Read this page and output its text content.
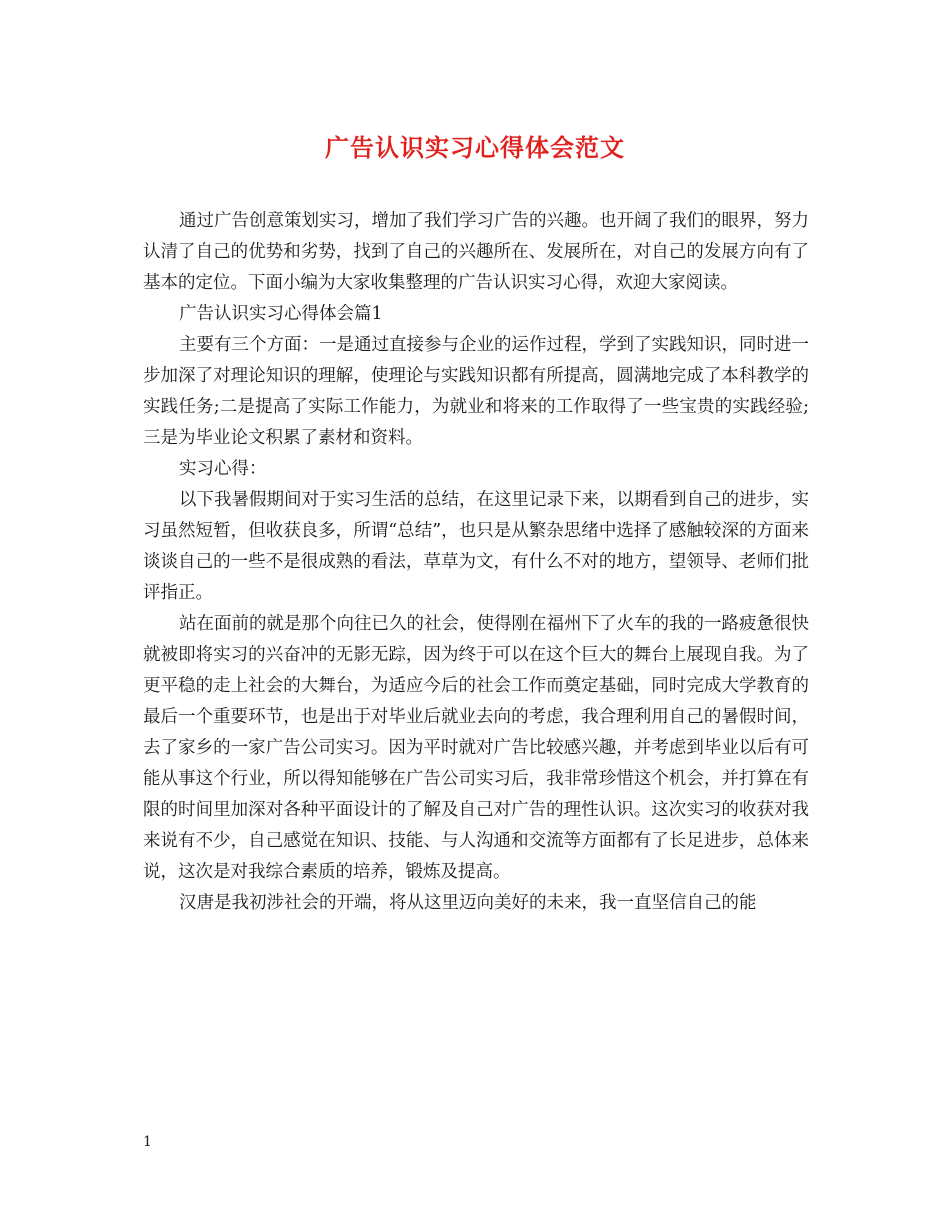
广告认识实习心得体会范文

通过广告创意策划实习，增加了我们学习广告的兴趣。也开阔了我们的眼界，努力认清了自己的优势和劣势，找到了自己的兴趣所在、发展所在，对自己的发展方向有了基本的定位。下面小编为大家收集整理的广告认识实习心得，欢迎大家阅读。

广告认识实习心得体会篇1

主要有三个方面：一是通过直接参与企业的运作过程，学到了实践知识，同时进一步加深了对理论知识的理解，使理论与实践知识都有所提高，圆满地完成了本科教学的实践任务;二是提高了实际工作能力，为就业和将来的工作取得了一些宝贵的实践经验;三是为毕业论文积累了素材和资料。

实习心得：

以下我暑假期间对于实习生活的总结，在这里记录下来，以期看到自己的进步，实习虽然短暂，但收获良多，所谓“总结”，也只是从繁杂思绪中选择了感触较深的方面来谈谈自己的一些不是很成熟的看法，草草为文，有什么不对的地方，望领导、老师们批评指正。

站在面前的就是那个向往已久的社会，使得刚在福州下了火车的我的一路疲惫很快就被即将实习的兴奋冲的无影无踪，因为终于可以在这个巨大的舞台上展现自我。为了更平稳的走上社会的大舞台，为适应今后的社会工作而奠定基础，同时完成大学教育的最后一个重要环节，也是出于对毕业后就业去向的考虑，我合理利用自己的暑假时间，去了家乡的一家广告公司实习。因为平时就对广告比较感兴趣，并考虑到毕业以后有可能从事这个行业，所以得知能够在广告公司实习后，我非常珍惜这个机会，并打算在有限的时间里加深对各种平面设计的了解及自己对广告的理性认识。这次实习的收获对我来说有不少，自己感觉在知识、技能、与人沟通和交流等方面都有了长足进步，总体来说，这次是对我综合素质的培养，锻炼及提高。

汉唐是我初涉社会的开端，将从这里迈向美好的未来，我一直坚信自己的能

1
